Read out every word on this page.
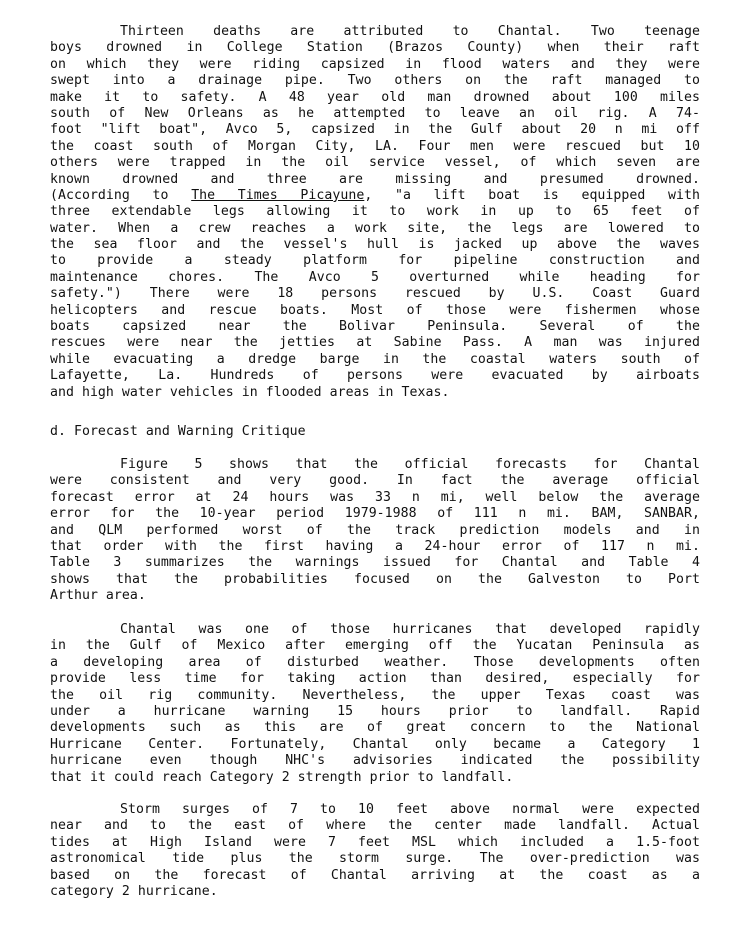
Thirteen deaths are attributed to Chantal. Two teenage
boys drowned in College Station (Brazos County) when their raft
on which they were riding capsized in flood waters and they were
swept into a drainage pipe. Two others on the raft managed to
make it to safety. A 48 year old man drowned about 100 miles
south of New Orleans as he attempted to leave an oil rig. A 74-
foot "lift boat", Avco 5, capsized in the Gulf about 20 n mi off
the coast south of Morgan City, LA. Four men were rescued but 10
others were trapped in the oil service vessel, of which seven are
known drowned and three are missing and presumed drowned.
(According to The Times Picayune, "a lift boat is equipped with
three extendable legs allowing it to work in up to 65 feet of
water. When a crew reaches a work site, the legs are lowered to
the sea floor and the vessel's hull is jacked up above the waves
to provide a steady platform for pipeline construction and
maintenance chores. The Avco 5 overturned while heading for
safety.") There were 18 persons rescued by U.S. Coast Guard
helicopters and rescue boats. Most of those were fishermen whose
boats capsized near the Bolivar Peninsula. Several of the
rescues were near the jetties at Sabine Pass. A man was injured
while evacuating a dredge barge in the coastal waters south of
Lafayette, La. Hundreds of persons were evacuated by airboats
and high water vehicles in flooded areas in Texas.
d. Forecast and Warning Critique
Figure 5 shows that the official forecasts for Chantal
were consistent and very good. In fact the average official
forecast error at 24 hours was 33 n mi, well below the average
error for the 10-year period 1979-1988 of 111 n mi. BAM, SANBAR,
and QLM performed worst of the track prediction models and in
that order with the first having a 24-hour error of 117 n mi.
Table 3 summarizes the warnings issued for Chantal and Table 4
shows that the probabilities focused on the Galveston to Port
Arthur area.
Chantal was one of those hurricanes that developed rapidly
in the Gulf of Mexico after emerging off the Yucatan Peninsula as
a developing area of disturbed weather. Those developments often
provide less time for taking action than desired, especially for
the oil rig community. Nevertheless, the upper Texas coast was
under a hurricane warning 15 hours prior to landfall. Rapid
developments such as this are of great concern to the National
Hurricane Center. Fortunately, Chantal only became a Category 1
hurricane even though NHC's advisories indicated the possibility
that it could reach Category 2 strength prior to landfall.
Storm surges of 7 to 10 feet above normal were expected
near and to the east of where the center made landfall. Actual
tides at High Island were 7 feet MSL which included a 1.5-foot
astronomical tide plus the storm surge. The over-prediction was
based on the forecast of Chantal arriving at the coast as a
category 2 hurricane.
